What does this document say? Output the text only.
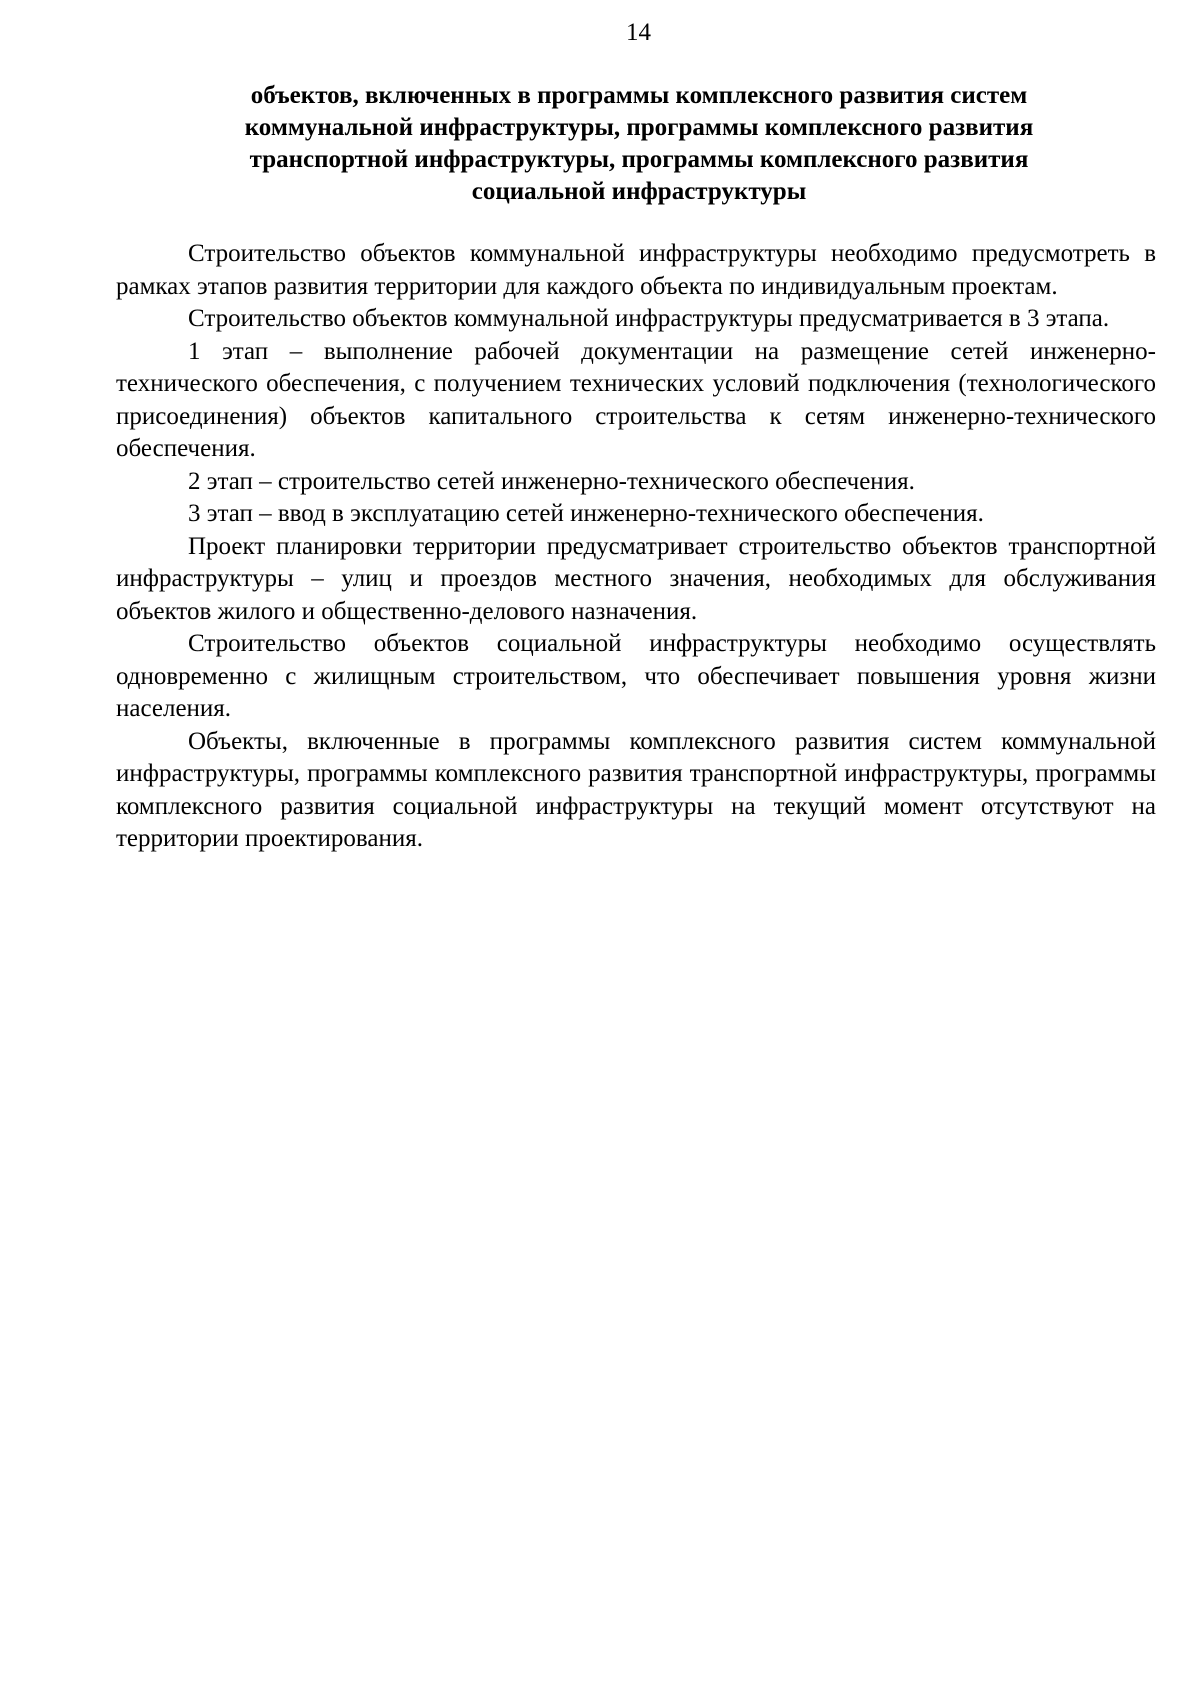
14
объектов, включенных в программы комплексного развития систем коммунальной инфраструктуры, программы комплексного развития транспортной инфраструктуры, программы комплексного развития социальной инфраструктуры

Строительство объектов коммунальной инфраструктуры необходимо предусмотреть в рамках этапов развития территории для каждого объекта по индивидуальным проектам.

Строительство объектов коммунальной инфраструктуры предусматривается в 3 этапа.

1 этап – выполнение рабочей документации на размещение сетей инженерно-технического обеспечения, с получением технических условий подключения (технологического присоединения) объектов капитального строительства к сетям инженерно-технического обеспечения.

2 этап – строительство сетей инженерно-технического обеспечения.

3 этап – ввод в эксплуатацию сетей инженерно-технического обеспечения.

Проект планировки территории предусматривает строительство объектов транспортной инфраструктуры – улиц и проездов местного значения, необходимых для обслуживания объектов жилого и общественно-делового назначения.

Строительство объектов социальной инфраструктуры необходимо осуществлять одновременно с жилищным строительством, что обеспечивает повышения уровня жизни населения.

Объекты, включенные в программы комплексного развития систем коммунальной инфраструктуры, программы комплексного развития транспортной инфраструктуры, программы комплексного развития социальной инфраструктуры на текущий момент отсутствуют на территории проектирования.
